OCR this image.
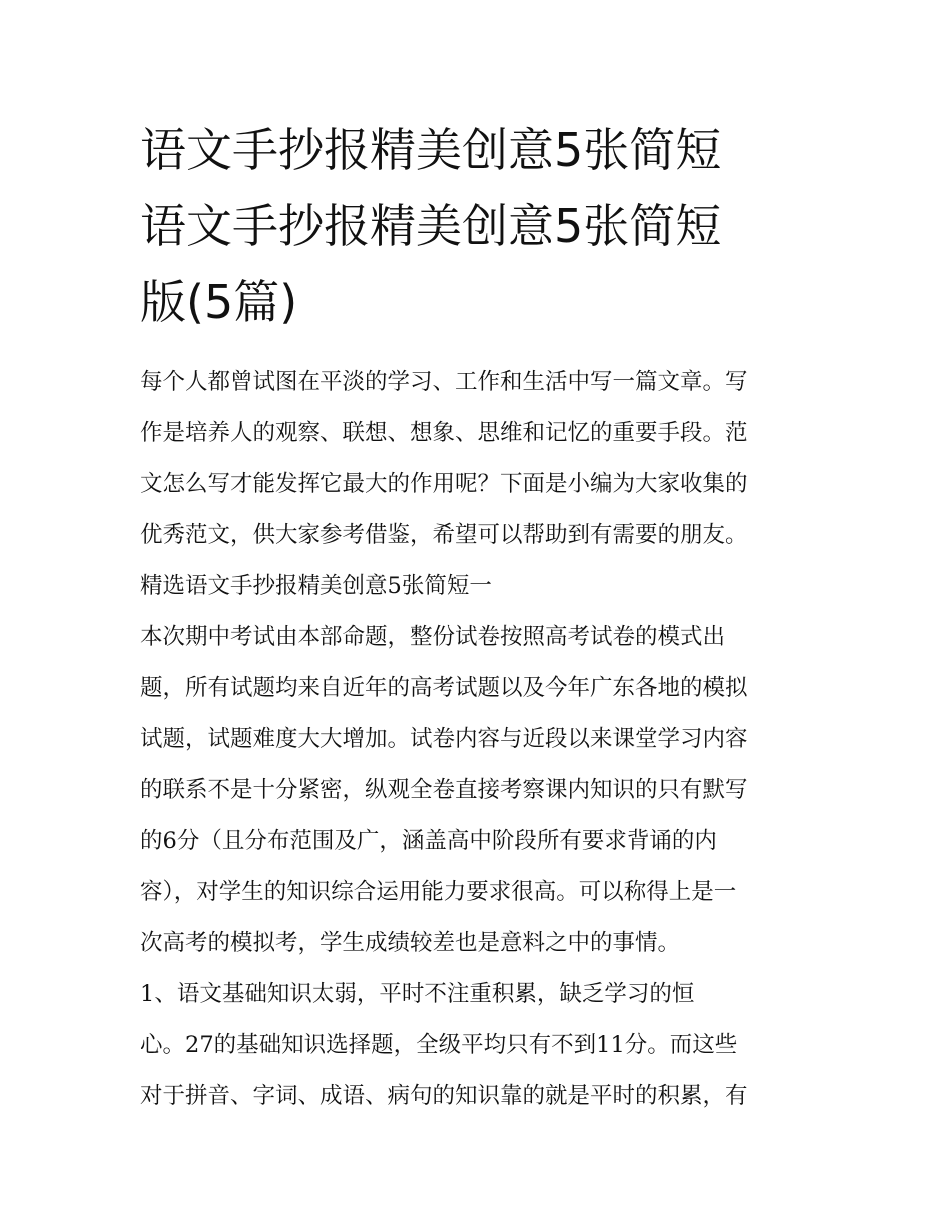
语文手抄报精美创意5张简短
语文手抄报精美创意5张简短
版(5篇)
每个人都曾试图在平淡的学习、工作和生活中写一篇文章。写
作是培养人的观察、联想、想象、思维和记忆的重要手段。范
文怎么写才能发挥它最大的作用呢？下面是小编为大家收集的
优秀范文，供大家参考借鉴，希望可以帮助到有需要的朋友。
精选语文手抄报精美创意5张简短一
本次期中考试由本部命题，整份试卷按照高考试卷的模式出
题，所有试题均来自近年的高考试题以及今年广东各地的模拟
试题，试题难度大大增加。试卷内容与近段以来课堂学习内容
的联系不是十分紧密，纵观全卷直接考察课内知识的只有默写
的6分（且分布范围及广，涵盖高中阶段所有要求背诵的内
容），对学生的知识综合运用能力要求很高。可以称得上是一
次高考的模拟考，学生成绩较差也是意料之中的事情。
1、语文基础知识太弱，平时不注重积累，缺乏学习的恒
心。27的基础知识选择题，全级平均只有不到11分。而这些
对于拼音、字词、成语、病句的知识靠的就是平时的积累，有
